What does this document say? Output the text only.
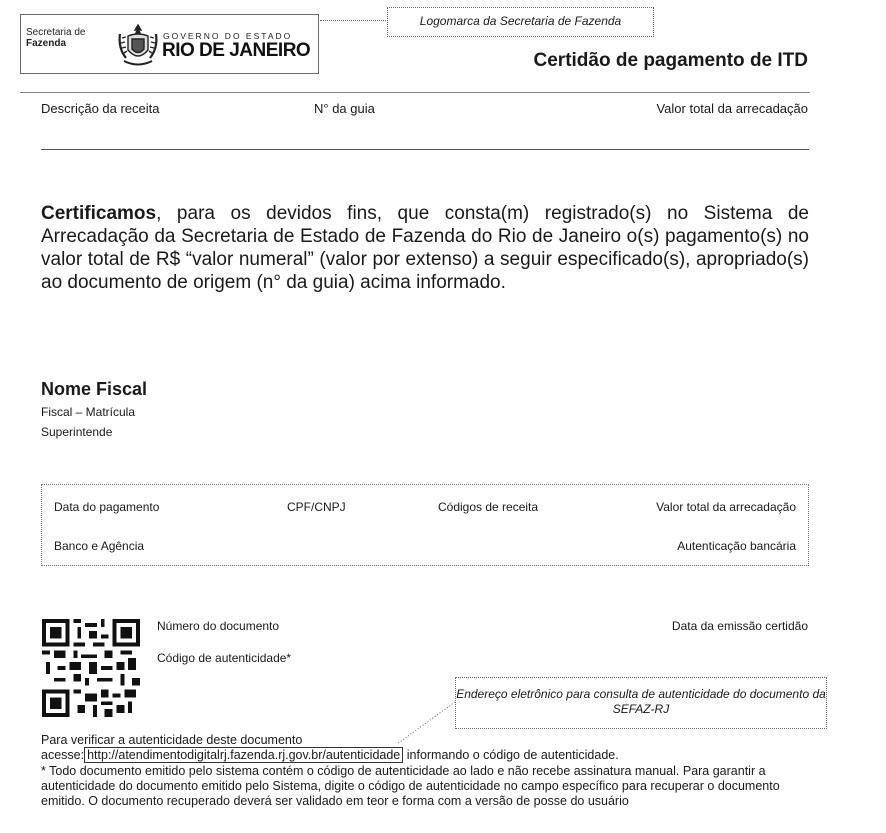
Secretaria de
Fazenda
GOVERNO DO ESTADO
RIO DE JANEIRO
Logomarca da Secretaria de Fazenda
Certidão de pagamento de ITD
Descrição da receita	N° da guia	Valor total da arrecadação
Certificamos, para os devidos fins, que consta(m) registrado(s) no Sistema de Arrecadação da Secretaria de Estado de Fazenda do Rio de Janeiro o(s) pagamento(s) no valor total de R$ “valor numeral” (valor por extenso) a seguir especificado(s), apropriado(s) ao documento de origem (n° da guia) acima informado.
Nome Fiscal
Fiscal – Matrícula
Superintende
Data do pagamento	CPF/CNPJ	Códigos de receita	Valor total da arrecadação
Banco e Agência	Autenticação bancária
Número do documento
Código de autenticidade*
Data da emissão certidão
Endereço eletrônico para consulta de autenticidade do documento da SEFAZ-RJ
Para verificar a autenticidade deste documento
acesse: http://atendimentodigitalrj.fazenda.rj.gov.br/autenticidade informando o código de autenticidade.
* Todo documento emitido pelo sistema contém o código de autenticidade ao lado e não recebe assinatura manual. Para garantir a autenticidade do documento emitido pelo Sistema, digite o código de autenticidade no campo específico para recuperar o documento emitido. O documento recuperado deverá ser validado em teor e forma com a versão de posse do usuário
